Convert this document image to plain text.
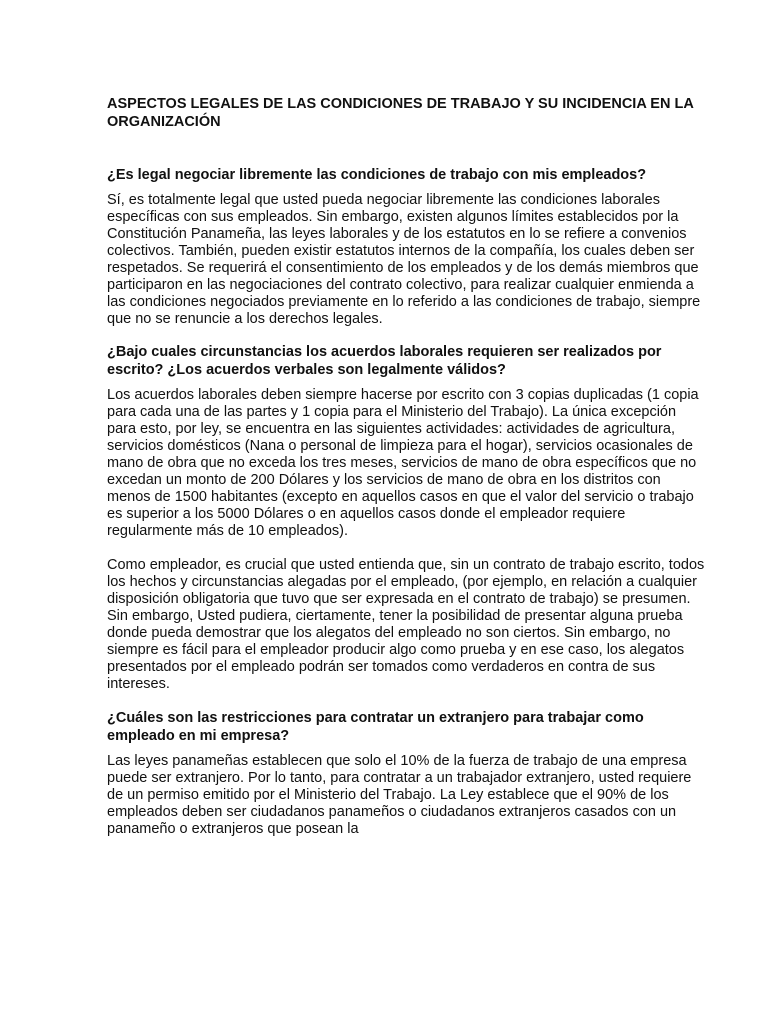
ASPECTOS LEGALES DE LAS CONDICIONES DE TRABAJO Y SU INCIDENCIA EN LA ORGANIZACIÓN
¿Es legal negociar libremente las condiciones de trabajo con mis empleados?

Sí, es totalmente legal que usted pueda negociar libremente las condiciones laborales específicas con sus empleados. Sin embargo, existen algunos límites establecidos por la Constitución Panameña, las leyes laborales y de los estatutos en lo se refiere a convenios colectivos. También, pueden existir estatutos internos de la compañía, los cuales deben ser respetados. Se requerirá el consentimiento de los empleados y de los demás miembros que participaron en las negociaciones del contrato colectivo, para realizar cualquier enmienda a las condiciones negociados previamente en lo referido a las condiciones de trabajo, siempre que no se renuncie a los derechos legales.

¿Bajo cuales circunstancias los acuerdos laborales requieren ser realizados por escrito? ¿Los acuerdos verbales son legalmente válidos?

Los acuerdos laborales deben siempre hacerse por escrito con 3 copias duplicadas (1 copia para cada una de las partes y 1 copia para el Ministerio del Trabajo). La única excepción para esto, por ley, se encuentra en las siguientes actividades: actividades de agricultura, servicios domésticos (Nana o personal de limpieza para el hogar), servicios ocasionales de mano de obra que no exceda los tres meses, servicios de mano de obra específicos que no excedan un monto de 200 Dólares y los servicios de mano de obra en los distritos con menos de 1500 habitantes (excepto en aquellos casos en que el valor del servicio o trabajo es superior a los 5000 Dólares o en aquellos casos donde el empleador requiere regularmente más de 10 empleados).

Como empleador, es crucial que usted entienda que, sin un contrato de trabajo escrito, todos los hechos y circunstancias alegadas por el empleado, (por ejemplo, en relación a cualquier disposición obligatoria que tuvo que ser expresada en el contrato de trabajo) se presumen. Sin embargo, Usted pudiera, ciertamente, tener la posibilidad de presentar alguna prueba donde pueda demostrar que los alegatos del empleado no son ciertos. Sin embargo, no siempre es fácil para el empleador producir algo como prueba y en ese caso, los alegatos presentados por el empleado podrán ser tomados como verdaderos en contra de sus intereses.

¿Cuáles son las restricciones para contratar un extranjero para trabajar como empleado en mi empresa?

Las leyes panameñas establecen que solo el 10% de la fuerza de trabajo de una empresa puede ser extranjero. Por lo tanto, para contratar a un trabajador extranjero, usted requiere de un permiso emitido por el Ministerio del Trabajo. La Ley establece que el 90% de los empleados deben ser ciudadanos panameños o ciudadanos extranjeros casados con un panameño o extranjeros que posean la
